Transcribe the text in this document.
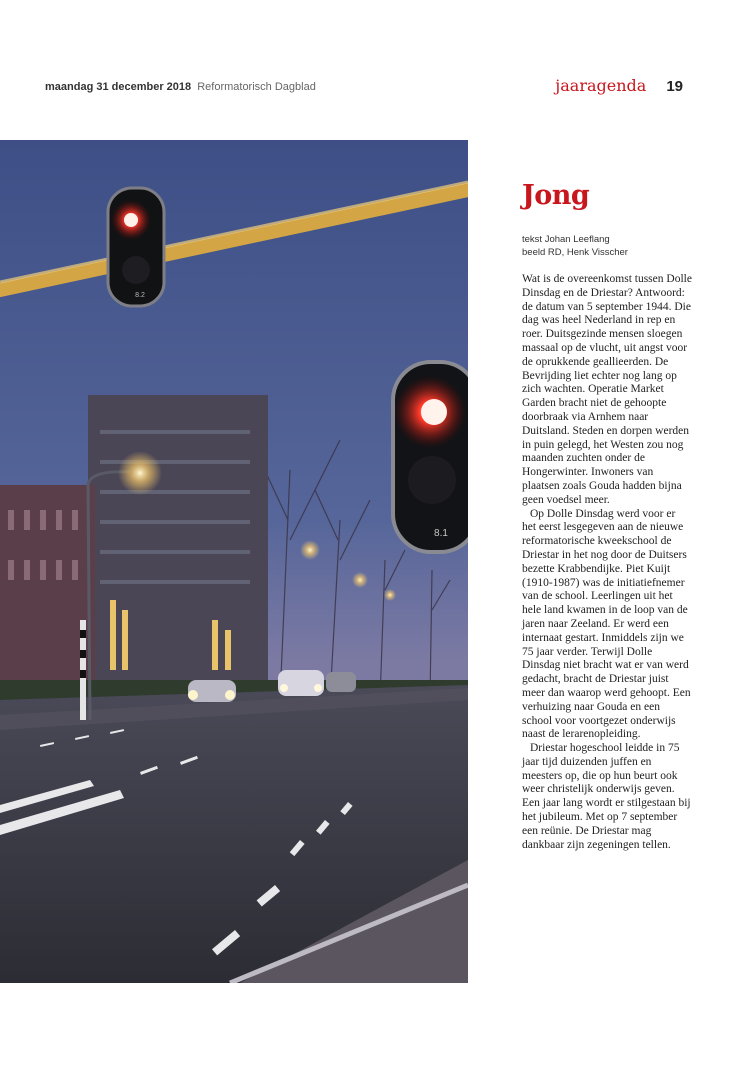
maandag 31 december 2018 Reformatorisch Dagblad	jaaragenda 19
8.2
8.1
Jong
tekst Johan Leeflang
beeld RD, Henk Visscher

Wat is de overeenkomst tussen Dolle Dinsdag en de Driestar? Antwoord: de datum van 5 september 1944. Die dag was heel Nederland in rep en roer. Duitsgezinde mensen sloegen massaal op de vlucht, uit angst voor de oprukkende geallieerden. De Bevrijding liet echter nog lang op zich wachten. Operatie Market Garden bracht niet de gehoopte doorbraak via Arnhem naar Duitsland. Steden en dorpen werden in puin gelegd, het Westen zou nog maanden zuchten onder de Hongerwinter. Inwoners van plaatsen zoals Gouda hadden bijna geen voedsel meer.

Op Dolle Dinsdag werd voor er het eerst lesgegeven aan de nieuwe reformatorische kweekschool de Driestar in het nog door de Duitsers bezette Krabbendijke. Piet Kuijt (1910-1987) was de initiatiefnemer van de school. Leerlingen uit het hele land kwamen in de loop van de jaren naar Zeeland. Er werd een internaat gestart. Inmiddels zijn we 75 jaar verder. Terwijl Dolle Dinsdag niet bracht wat er van werd gedacht, bracht de Driestar juist meer dan waarop werd gehoopt. Een verhuizing naar Gouda en een school voor voortgezet onderwijs naast de lerarenopleiding.

Driestar hogeschool leidde in 75 jaar tijd duizenden juffen en meesters op, die op hun beurt ook weer christelijk onderwijs geven. Een jaar lang wordt er stilgestaan bij het jubileum. Met op 7 september een reünie. De Driestar mag dankbaar zijn zegeningen tellen.
